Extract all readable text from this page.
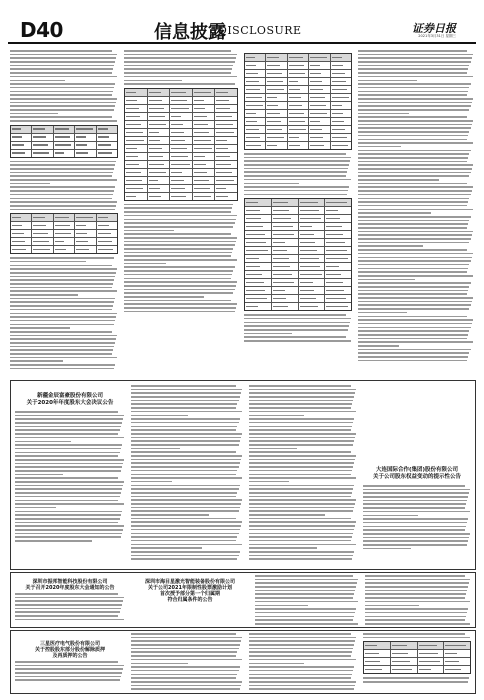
D40	信息披露
DISCLOSURE	证券日报
2021年3月31日 星期三
新疆金辰富豪股份有限公司
关于2020年年度股东大会决议公告
大连国际合作(集团)股份有限公司
关于公司股东权益变动的提示性公告
深圳市振邦智能科技股份有限公司
关于召开2020年度股东大会通知的公告
深圳市海目星激光智能装备股份有限公司
关于公司2021年限制性股票激励计划
首次授予部分第一个归属期
符合归属条件的公告
三星医疗电气股份有限公司
关于控股股东部分股份解除质押
及再质押的公告
